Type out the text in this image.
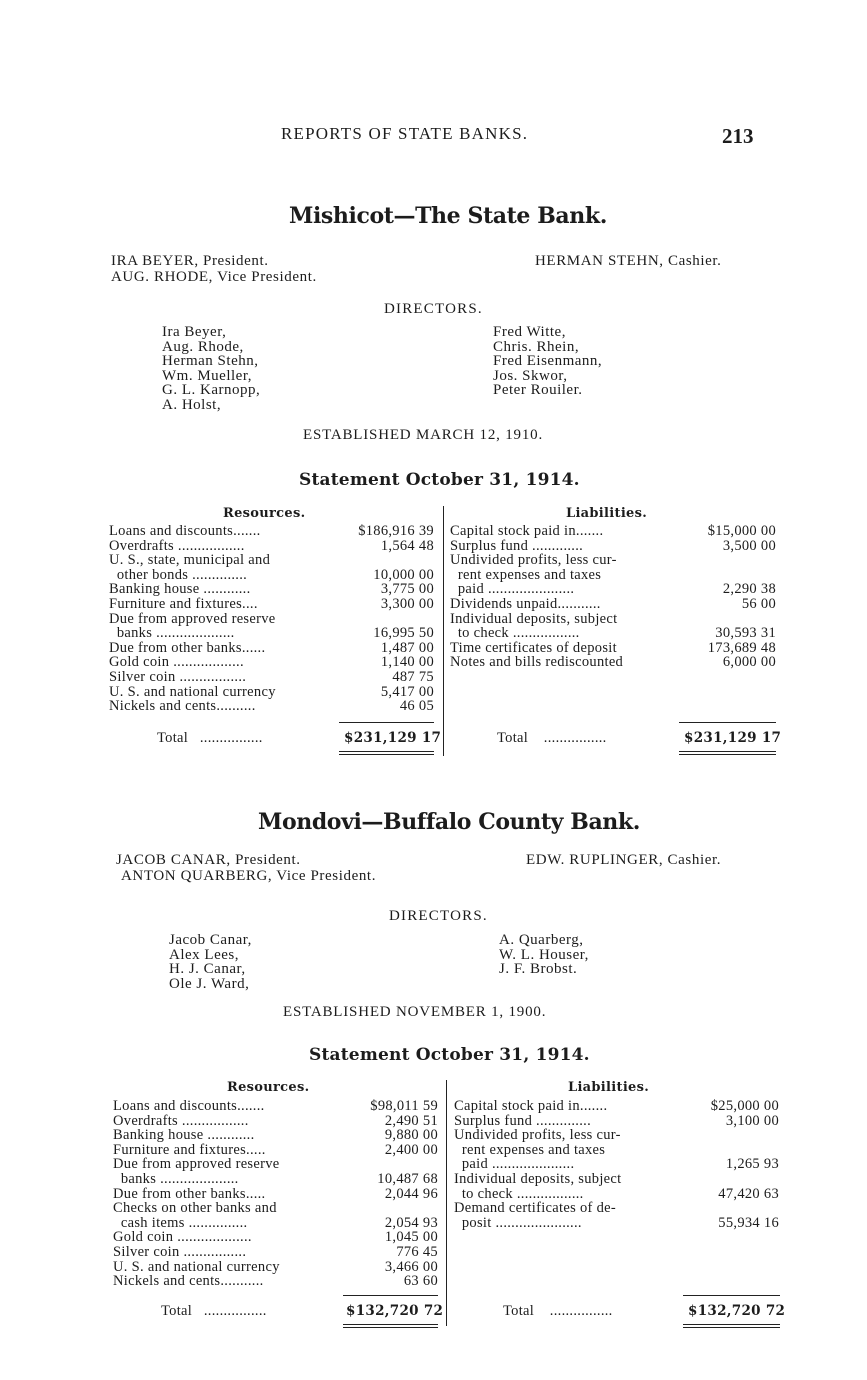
REPORTS OF STATE BANKS.	213
Mishicot—The State Bank.
IRA BEYER, President.
AUG. RHODE, Vice President.
HERMAN STEHN, Cashier.
DIRECTORS.
Ira Beyer,
Aug. Rhode,
Herman Stehn,
Wm. Mueller,
G. L. Karnopp,
A. Holst,
Fred Witte,
Chris. Rhein,
Fred Eisenmann,
Jos. Skwor,
Peter Rouiler.
ESTABLISHED MARCH 12, 1910.
Statement October 31, 1914.
Resources.	Liabilities.
Loans and discounts.......	$186,916 39
Overdrafts .................	1,564 48
U. S., state, municipal and
other bonds ..............	10,000 00
Banking house ............	3,775 00
Furniture and fixtures....	3,300 00
Due from approved reserve
banks ....................	16,995 50
Due from other banks......	1,487 00
Gold coin ..................	1,140 00
Silver coin .................	487 75
U. S. and national currency	5,417 00
Nickels and cents..........	46 05
Capital stock paid in.......	$15,000 00
Surplus fund .............	3,500 00
Undivided profits, less cur-
rent expenses and taxes
paid ......................	2,290 38
Dividends unpaid...........	56 00
Individual deposits, subject
to check .................	30,593 31
Time certificates of deposit	173,689 48
Notes and bills rediscounted	6,000 00
Total ................	$231,129 17	Total ................	$231,129 17
Mondovi—Buffalo County Bank.
JACOB CANAR, President.
ANTON QUARBERG, Vice President.
EDW. RUPLINGER, Cashier.
DIRECTORS.
Jacob Canar,
Alex Lees,
H. J. Canar,
Ole J. Ward,
A. Quarberg,
W. L. Houser,
J. F. Brobst.
ESTABLISHED NOVEMBER 1, 1900.
Statement October 31, 1914.
Resources.	Liabilities.
Loans and discounts.......	$98,011 59
Overdrafts .................	2,490 51
Banking house ............	9,880 00
Furniture and fixtures.....	2,400 00
Due from approved reserve
banks ....................	10,487 68
Due from other banks.....	2,044 96
Checks on other banks and
cash items ...............	2,054 93
Gold coin ...................	1,045 00
Silver coin ................	776 45
U. S. and national currency	3,466 00
Nickels and cents...........	63 60
Capital stock paid in.......	$25,000 00
Surplus fund ..............	3,100 00
Undivided profits, less cur-
rent expenses and taxes
paid .....................	1,265 93
Individual deposits, subject
to check .................	47,420 63
Demand certificates of de-
posit ......................	55,934 16
Total ................	$132,720 72	Total ................	$132,720 72
